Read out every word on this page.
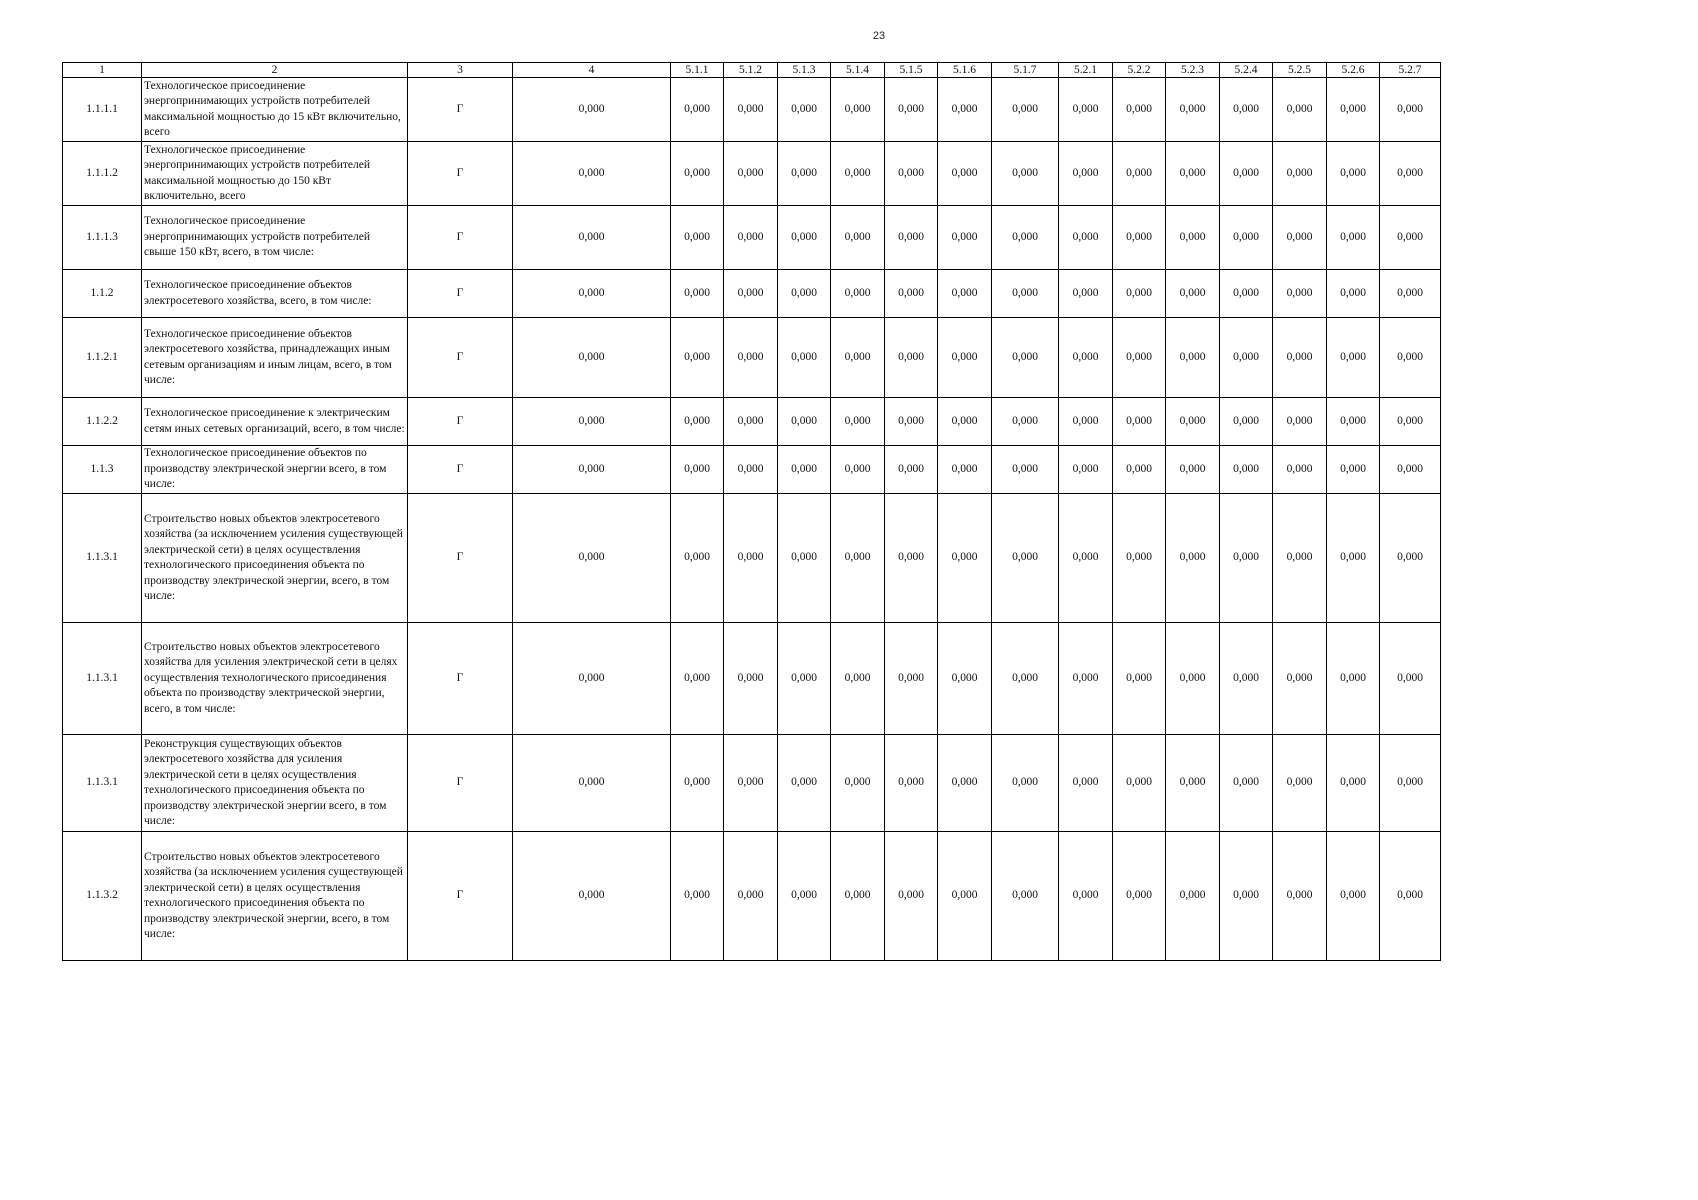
23
1	2	3	4	5.1.1	5.1.2	5.1.3	5.1.4	5.1.5	5.1.6	5.1.7	5.2.1	5.2.2	5.2.3	5.2.4	5.2.5	5.2.6	5.2.7
1.1.1.1	Технологическое присоединение энергопринимающих устройств потребителей максимальной мощностью до 15 кВт включительно, всего	Г	0,000	0,000	0,000	0,000	0,000	0,000	0,000	0,000	0,000	0,000	0,000	0,000	0,000	0,000	0,000
1.1.1.2	Технологическое присоединение энергопринимающих устройств потребителей максимальной мощностью до 150 кВт включительно, всего	Г	0,000	0,000	0,000	0,000	0,000	0,000	0,000	0,000	0,000	0,000	0,000	0,000	0,000	0,000	0,000
1.1.1.3	Технологическое присоединение энергопринимающих устройств потребителей свыше 150 кВт, всего, в том числе:	Г	0,000	0,000	0,000	0,000	0,000	0,000	0,000	0,000	0,000	0,000	0,000	0,000	0,000	0,000	0,000
1.1.2	Технологическое присоединение объектов электросетевого хозяйства, всего, в том числе:	Г	0,000	0,000	0,000	0,000	0,000	0,000	0,000	0,000	0,000	0,000	0,000	0,000	0,000	0,000	0,000
1.1.2.1	Технологическое присоединение объектов электросетевого хозяйства, принадлежащих иным сетевым организациям и иным лицам, всего, в том числе:	Г	0,000	0,000	0,000	0,000	0,000	0,000	0,000	0,000	0,000	0,000	0,000	0,000	0,000	0,000	0,000
1.1.2.2	Технологическое присоединение к электрическим сетям иных сетевых организаций, всего, в том числе:	Г	0,000	0,000	0,000	0,000	0,000	0,000	0,000	0,000	0,000	0,000	0,000	0,000	0,000	0,000	0,000
1.1.3	Технологическое присоединение объектов по производству электрической энергии всего, в том числе:	Г	0,000	0,000	0,000	0,000	0,000	0,000	0,000	0,000	0,000	0,000	0,000	0,000	0,000	0,000	0,000
1.1.3.1	Строительство новых объектов электросетевого хозяйства (за исключением усиления существующей электрической сети) в целях осуществления технологического присоединения объекта по производству электрической энергии, всего, в том числе:	Г	0,000	0,000	0,000	0,000	0,000	0,000	0,000	0,000	0,000	0,000	0,000	0,000	0,000	0,000	0,000
1.1.3.1	Строительство новых объектов электросетевого хозяйства для усиления электрической сети в целях осуществления технологического присоединения объекта по производству электрической энергии, всего, в том числе:	Г	0,000	0,000	0,000	0,000	0,000	0,000	0,000	0,000	0,000	0,000	0,000	0,000	0,000	0,000	0,000
1.1.3.1	Реконструкция существующих объектов электросетевого хозяйства для усиления электрической сети в целях осуществления технологического присоединения объекта по производству электрической энергии всего, в том числе:	Г	0,000	0,000	0,000	0,000	0,000	0,000	0,000	0,000	0,000	0,000	0,000	0,000	0,000	0,000	0,000
1.1.3.2	Строительство новых объектов электросетевого хозяйства (за исключением усиления существующей электрической сети) в целях осуществления технологического присоединения объекта по производству электрической энергии, всего, в том числе:	Г	0,000	0,000	0,000	0,000	0,000	0,000	0,000	0,000	0,000	0,000	0,000	0,000	0,000	0,000	0,000
